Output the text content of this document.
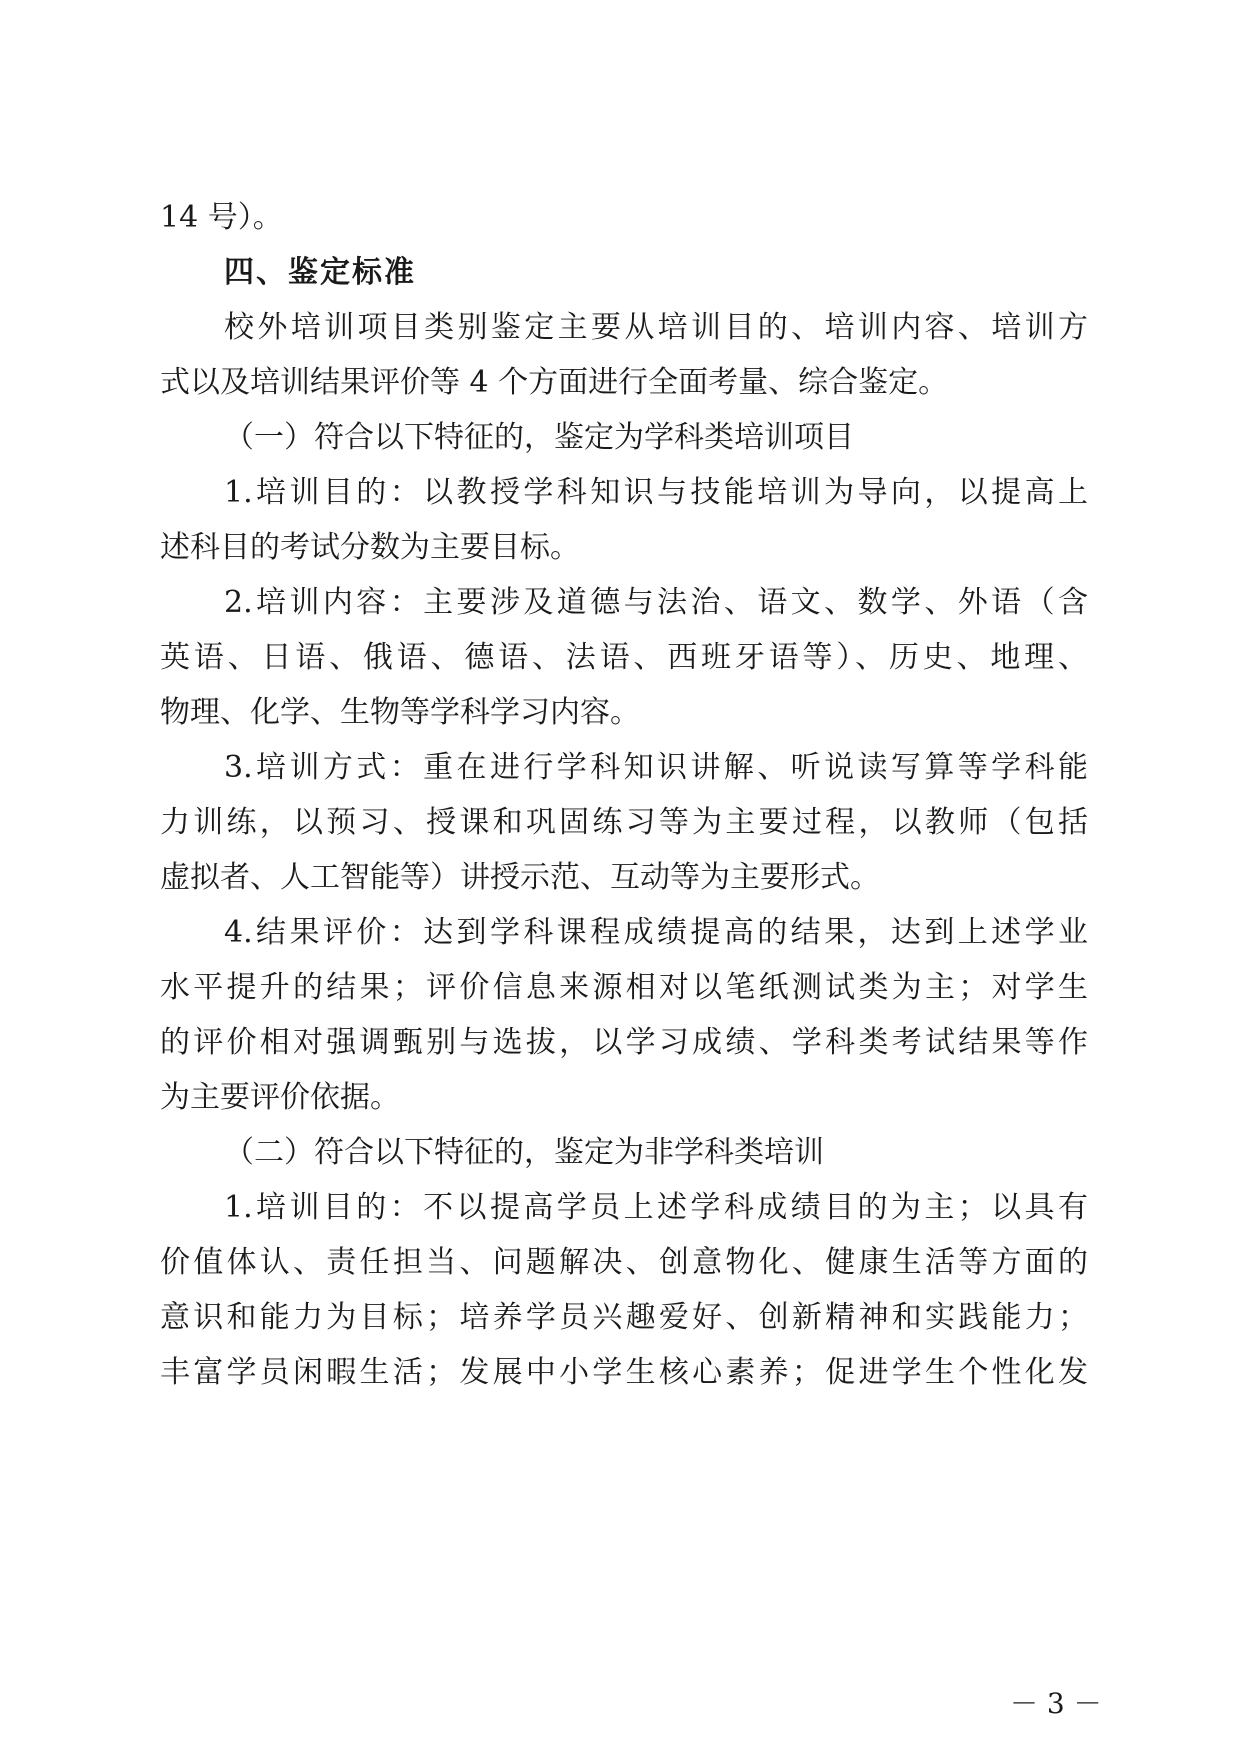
14 号）。
四、鉴定标准
校外培训项目类别鉴定主要从培训目的、培训内容、培训方
式以及培训结果评价等 4 个方面进行全面考量、综合鉴定。
（一）符合以下特征的，鉴定为学科类培训项目
1.培训目的：以教授学科知识与技能培训为导向，以提高上
述科目的考试分数为主要目标。
2.培训内容：主要涉及道德与法治、语文、数学、外语（含
英语、日语、俄语、德语、法语、西班牙语等）、历史、地理、
物理、化学、生物等学科学习内容。
3.培训方式：重在进行学科知识讲解、听说读写算等学科能
力训练，以预习、授课和巩固练习等为主要过程，以教师（包括
虚拟者、人工智能等）讲授示范、互动等为主要形式。
4.结果评价：达到学科课程成绩提高的结果，达到上述学业
水平提升的结果；评价信息来源相对以笔纸测试类为主；对学生
的评价相对强调甄别与选拔，以学习成绩、学科类考试结果等作
为主要评价依据。
（二）符合以下特征的，鉴定为非学科类培训
1.培训目的：不以提高学员上述学科成绩目的为主；以具有
价值体认、责任担当、问题解决、创意物化、健康生活等方面的
意识和能力为目标；培养学员兴趣爱好、创新精神和实践能力；
丰富学员闲暇生活；发展中小学生核心素养；促进学生个性化发
－ 3 －
